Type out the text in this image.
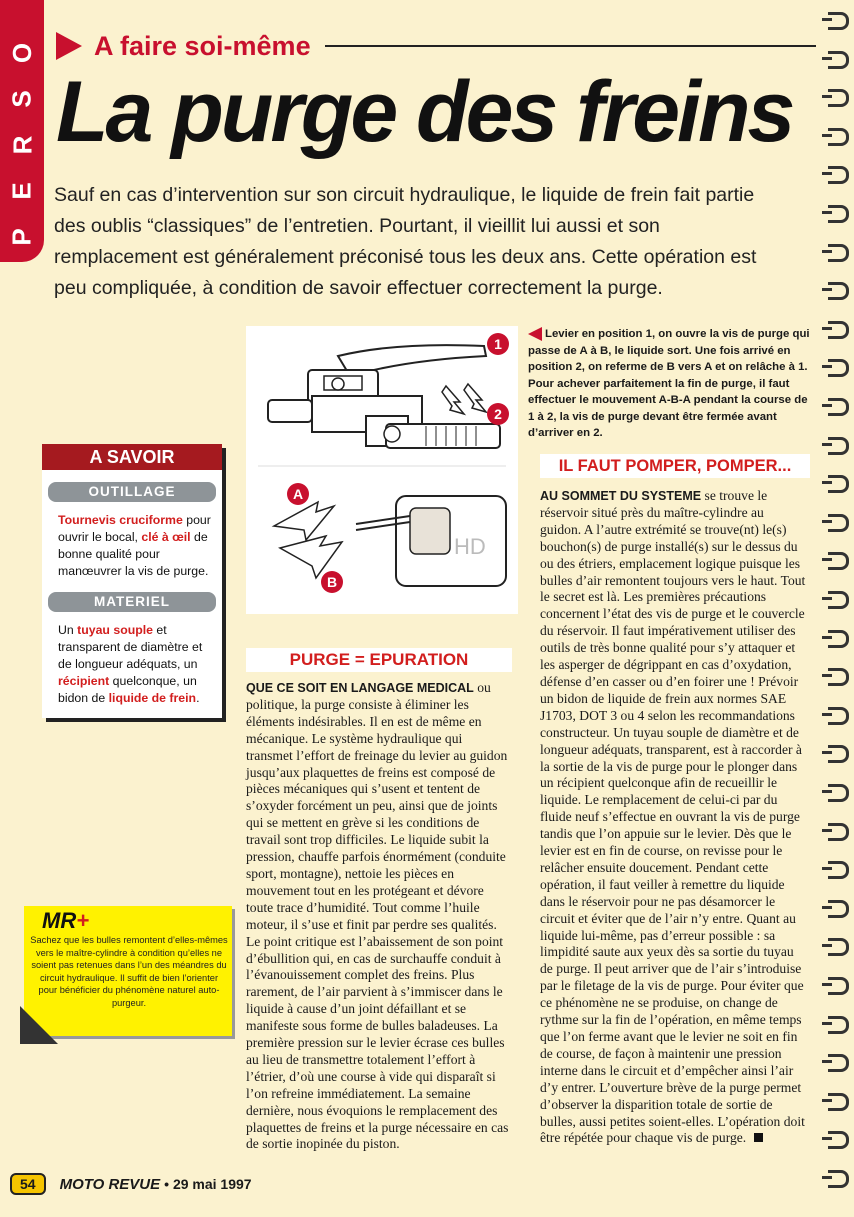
O
S
R
E
P
A faire soi-même
La purge des freins

Sauf en cas d’intervention sur son circuit hydraulique, le liquide de frein fait partie des oublis “classiques” de l’entretien. Pourtant, il vieillit lui aussi et son remplacement est généralement préconisé tous les deux ans. Cette opération est peu compliquée, à condition de savoir effectuer correctement la purge.

HD
1
2
A
B
Levier en position 1, on ouvre la vis de purge qui passe de A à B, le liquide sort. Une fois arrivé en position 2, on referme de B vers A et on relâche à 1. Pour achever parfaitement la fin de purge, il faut effectuer le mouvement A-B-A pendant la course de 1 à 2, la vis de purge devant être fermée avant d’arriver en 2.
A SAVOIR
OUTILLAGE
Tournevis cruciforme pour ouvrir le bocal, clé à œil de bonne qualité pour manœuvrer la vis de purge.
MATERIEL
Un tuyau souple et transparent de diamètre et de longueur adéquats, un récipient quelconque, un bidon de liquide de frein.
PURGE = EPURATION
QUE CE SOIT EN LANGAGE MEDICAL ou politique, la purge consiste à éliminer les éléments indésirables. Il en est de même en mécanique. Le système hydraulique qui transmet l’effort de freinage du levier au guidon jusqu’aux plaquettes de freins est composé de pièces mécaniques qui s’usent et tentent de s’oxyder forcément un peu, ainsi que de joints qui se mettent en grève si les conditions de travail sont trop difficiles. Le liquide subit la pression, chauffe parfois énormément (conduite sport, montagne), nettoie les pièces en mouvement tout en les protégeant et dévore toute trace d’humidité. Tout comme l’huile moteur, il s’use et finit par perdre ses qualités. Le point critique est l’abaissement de son point d’ébullition qui, en cas de surchauffe conduit à l’évanouissement complet des freins. Plus rarement, de l’air parvient à s’immiscer dans le liquide à cause d’un joint défaillant et se manifeste sous forme de bulles baladeuses. La première pression sur le levier écrase ces bulles au lieu de transmettre totalement l’effort à l’étrier, d’où une course à vide qui disparaît si l’on refreine immédiatement. La semaine dernière, nous évoquions le remplacement des plaquettes de freins et la purge nécessaire en cas de sortie inopinée du piston.
IL FAUT POMPER, POMPER...
AU SOMMET DU SYSTEME se trouve le réservoir situé près du maître-cylindre au guidon. A l’autre extrémité se trouve(nt) le(s) bouchon(s) de purge installé(s) sur le dessus du ou des étriers, emplacement logique puisque les bulles d’air remontent toujours vers le haut. Tout le secret est là. Les premières précautions concernent l’état des vis de purge et le couvercle du réservoir. Il faut impérativement utiliser des outils de très bonne qualité pour s’y attaquer et les asperger de dégrippant en cas d’oxydation, défense d’en casser ou d’en foirer une ! Prévoir un bidon de liquide de frein aux normes SAE J1703, DOT 3 ou 4 selon les recommandations constructeur. Un tuyau souple de diamètre et de longueur adéquats, transparent, est à raccorder à la sortie de la vis de purge pour le plonger dans un récipient quelconque afin de recueillir le liquide. Le remplacement de celui-ci par du fluide neuf s’effectue en ouvrant la vis de purge tandis que l’on appuie sur le levier. Dès que le levier est en fin de course, on revisse pour le relâcher ensuite doucement. Pendant cette opération, il faut veiller à remettre du liquide dans le réservoir pour ne pas désamorcer le circuit et éviter que de l’air n’y entre. Quant au liquide lui-même, pas d’erreur possible : sa limpidité saute aux yeux dès sa sortie du tuyau de purge. Il peut arriver que de l’air s’introduise par le filetage de la vis de purge. Pour éviter que ce phénomène ne se produise, on change de rythme sur la fin de l’opération, en même temps que l’on ferme avant que le levier ne soit en fin de course, de façon à maintenir une pression interne dans le circuit et d’empêcher ainsi l’air d’y entrer. L’ouverture brève de la purge permet d’observer la disparition totale de sortie de bulles, aussi petites soient-elles. L’opération doit être répétée pour chaque vis de purge.
MR+
Sachez que les bulles remontent d’elles-mêmes vers le maître-cylindre à condition qu’elles ne soient pas retenues dans l’un des méandres du circuit hydraulique. Il suffit de bien l’orienter pour bénéficier du phénomène naturel auto-purgeur.
54	MOTO REVUE • 29 mai 1997
